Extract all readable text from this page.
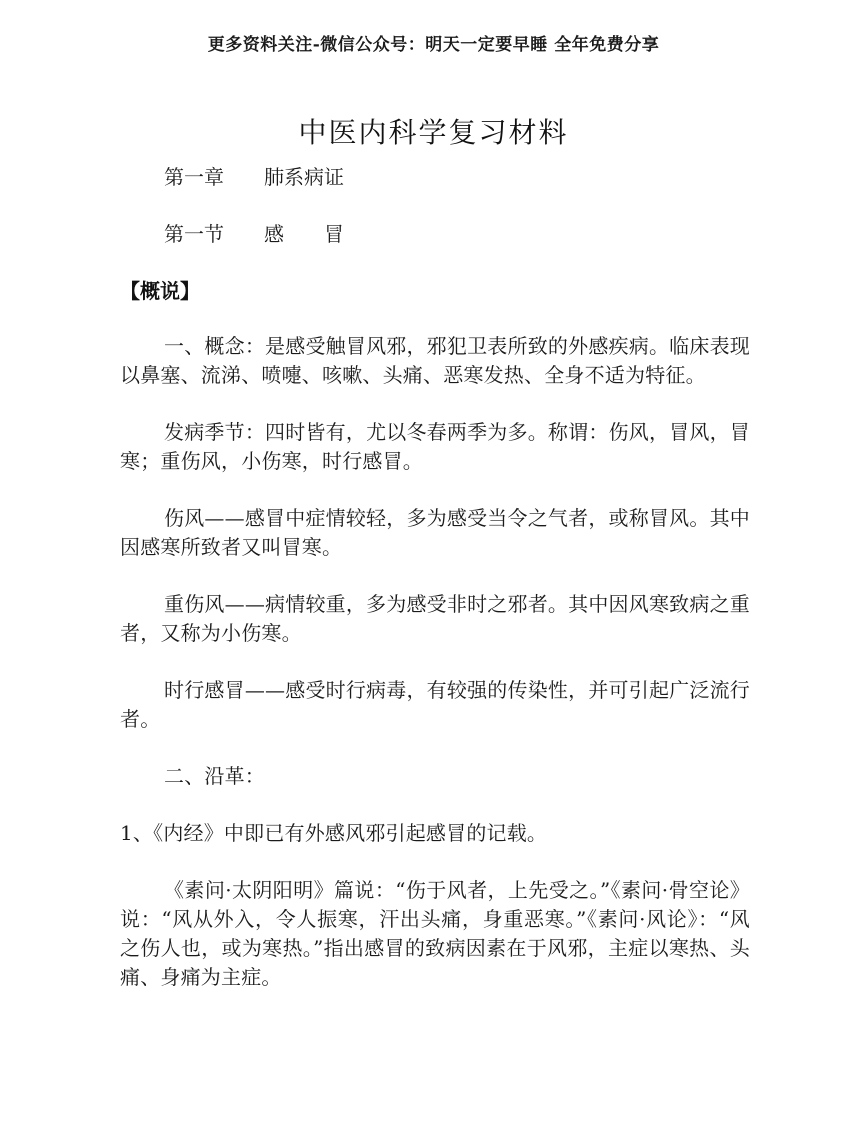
更多资料关注-微信公众号：明天一定要早睡 全年免费分享
中医内科学复习材料
第一章　　肺系病证
第一节　　感　　冒
【概说】

一、概念：是感受触冒风邪，邪犯卫表所致的外感疾病。临床表现以鼻塞、流涕、喷嚏、咳嗽、头痛、恶寒发热、全身不适为特征。

发病季节：四时皆有，尤以冬春两季为多。称谓：伤风，冒风，冒寒；重伤风，小伤寒，时行感冒。

伤风——感冒中症情较轻，多为感受当令之气者，或称冒风。其中因感寒所致者又叫冒寒。

重伤风——病情较重，多为感受非时之邪者。其中因风寒致病之重者，又称为小伤寒。

时行感冒——感受时行病毒，有较强的传染性，并可引起广泛流行者。

二、沿革：

1、《内经》中即已有外感风邪引起感冒的记载。

《素问·太阴阳明》篇说：“伤于风者，上先受之。”《素问·骨空论》说：“风从外入，令人振寒，汗出头痛，身重恶寒。”《素问·风论》：“风之伤人也，或为寒热。”指出感冒的致病因素在于风邪，主症以寒热、头痛、身痛为主症。
